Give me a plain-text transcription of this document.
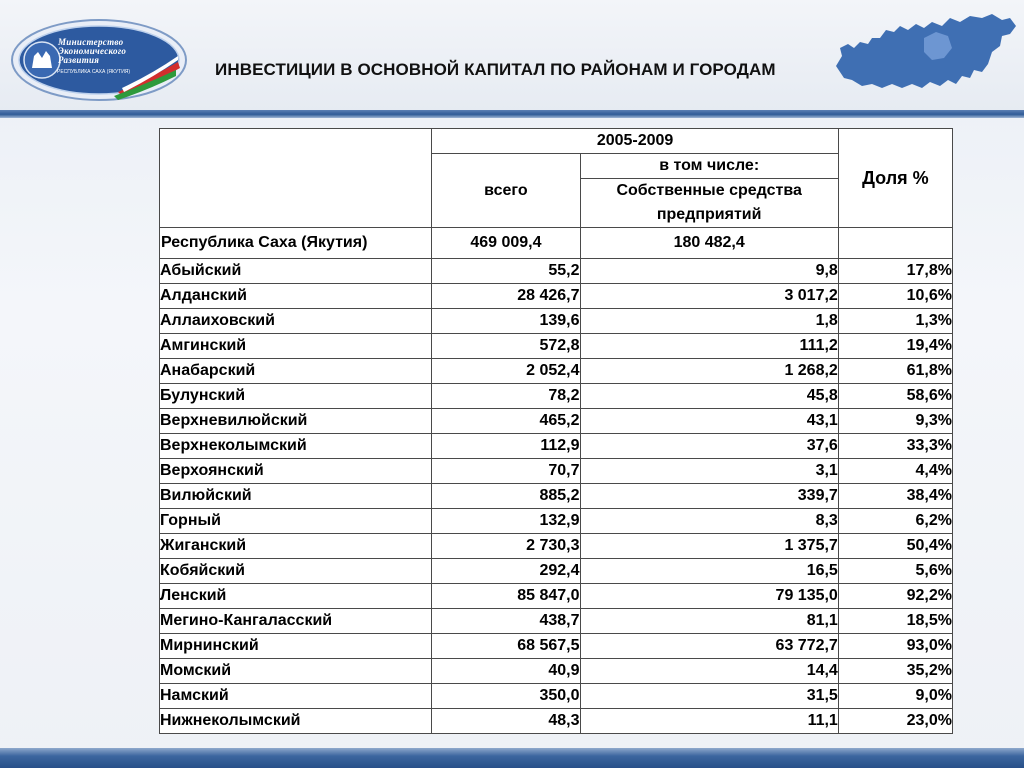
Министерство
Экономического
Развития
РЕСПУБЛИКА САХА (ЯКУТИЯ)	ИНВЕСТИЦИИ В ОСНОВНОЙ КАПИТАЛ ПО РАЙОНАМ И ГОРОДАМ
	2005-2009		Доля %
	всего	в том числе:	
		Собственные средства предприятий	
Республика Саха (Якутия)	469 009,4	180 482,4	
Абыйский	55,2	9,8	17,8%
Алданский	28 426,7	3 017,2	10,6%
Аллаиховский	139,6	1,8	1,3%
Амгинский	572,8	111,2	19,4%
Анабарский	2 052,4	1 268,2	61,8%
Булунский	78,2	45,8	58,6%
Верхневилюйский	465,2	43,1	9,3%
Верхнеколымский	112,9	37,6	33,3%
Верхоянский	70,7	3,1	4,4%
Вилюйский	885,2	339,7	38,4%
Горный	132,9	8,3	6,2%
Жиганский	2 730,3	1 375,7	50,4%
Кобяйский	292,4	16,5	5,6%
Ленский	85 847,0	79 135,0	92,2%
Мегино-Кангаласский	438,7	81,1	18,5%
Мирнинский	68 567,5	63 772,7	93,0%
Момский	40,9	14,4	35,2%
Намский	350,0	31,5	9,0%
Нижнеколымский	48,3	11,1	23,0%
